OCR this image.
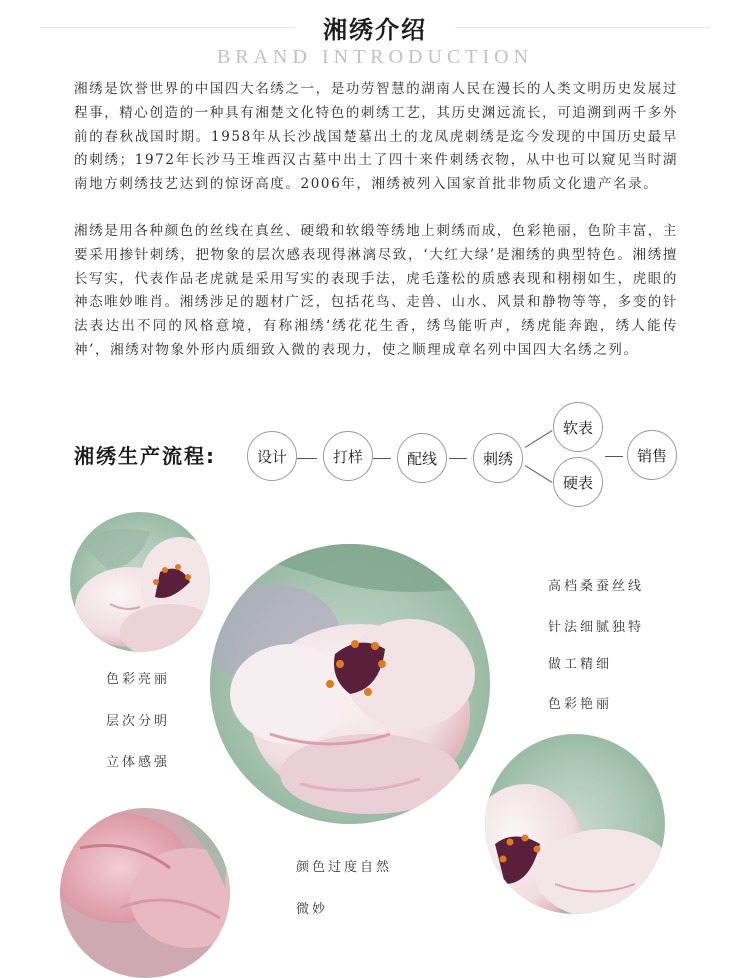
湘绣介绍
BRAND INTRODUCTION

湘绣是饮誉世界的中国四大名绣之一，是功劳智慧的湖南人民在漫长的人类文明历史发展过程事，精心创造的一种具有湘楚文化特色的刺绣工艺，其历史渊远流长，可追溯到两千多外前的春秋战国时期。1958年从长沙战国楚墓出土的龙凤虎刺绣是迄今发现的中国历史最早的刺绣；1972年长沙马王堆西汉古墓中出土了四十来件刺绣衣物，从中也可以窥见当时湖南地方刺绣技艺达到的惊讶高度。2006年，湘绣被列入国家首批非物质文化遗产名录。

湘绣是用各种颜色的丝线在真丝、硬缎和软缎等绣地上刺绣而成，色彩艳丽，色阶丰富，主要采用掺针刺绣，把物象的层次感表现得淋漓尽致，‘大红大绿’是湘绣的典型特色。湘绣擅长写实，代表作品老虎就是采用写实的表现手法，虎毛蓬松的质感表现和栩栩如生，虎眼的神态唯妙唯肖。湘绣涉足的题材广泛，包括花鸟、走兽、山水、风景和静物等等，多变的针法表达出不同的风格意境，有称湘绣‘绣花花生香，绣鸟能听声，绣虎能奔跑，绣人能传神’，湘绣对物象外形内质细致入微的表现力，使之顺理成章名列中国四大名绣之列。

湘绣生产流程:	设计	打样	配线	刺绣
软表
硬表
销售
色彩亮丽
层次分明
立体感强
高档桑蚕丝线
针法细腻独特
做工精细
色彩艳丽
颜色过度自然
微妙
